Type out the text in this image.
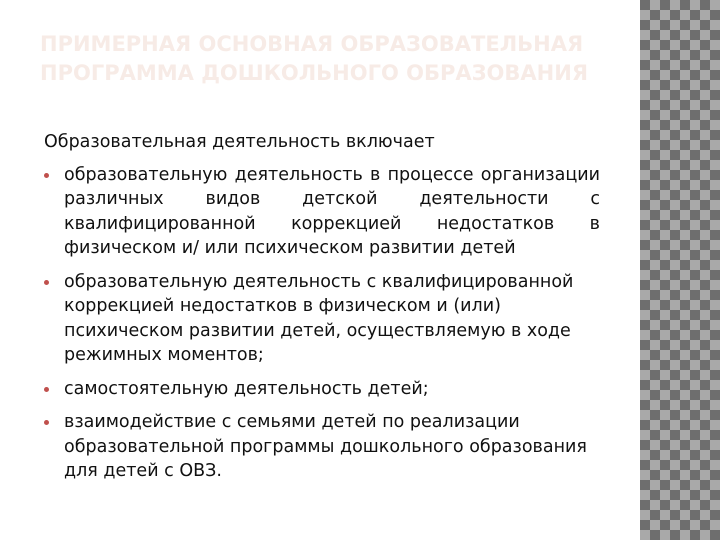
ПРИМЕРНАЯ ОСНОВНАЯ ОБРАЗОВАТЕЛЬНАЯ ПРОГРАММА ДОШКОЛЬНОГО ОБРАЗОВАНИЯ

Образовательная деятельность включает

образовательную деятельность в процессе организации различных видов детской деятельности с квалифицированной коррекцией недостатков в физическом и/ или психическом развитии детей
образовательную деятельность с квалифицированной коррекцией недостатков в физическом и (или) психическом развитии детей, осуществляемую в ходе режимных моментов;
самостоятельную деятельность детей;
взаимодействие с семьями детей по реализации образовательной программы дошкольного образования для детей с ОВЗ.
